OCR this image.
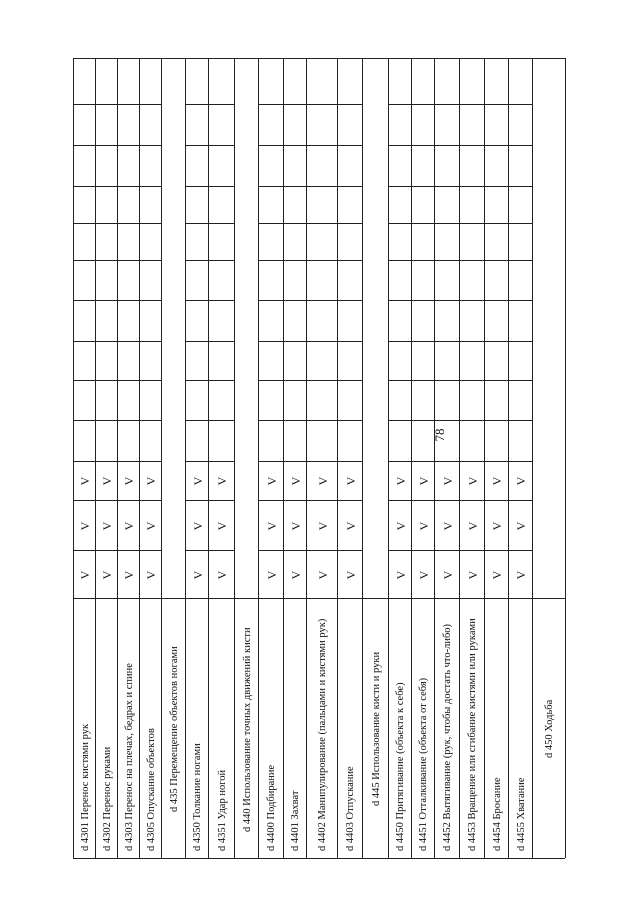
78
V
V
V
d 4301 Перенос кистями рук
V
V
V
d 4302 Перенос руками
V
V
V
d 4303 Перенос на плечах, бедрах и спине
V
V
V
d 4305 Опускание объектов d 435 Перемещение объектов ногами
V
V
V
d 4350 Толкание ногами
V
V
V
d 4351 Удар ногой d 440 Использование точных движений кисти
V
V
V
d 4400 Подбирание
V
V
V
d 4401 Захват
V
V
V
d 4402 Манипулирование (пальцами и кистями рук)
V
V
V
d 4403 Отпускание
d 445 Использование кисти и руки
V
V
V
d 4450 Притягивание (объекта к себе)
V
V
V
d 4451 Отталкивание (объекта от себя)
V
V
V
d 4452 Вытягивание (рук, чтобы достать что-либо)
V
V
V
d 4453 Вращение или сгибание кистями или руками
V
V
V
d 4454 Бросание
V
V
V
d 4455 Хватание
d 450 Ходьба
